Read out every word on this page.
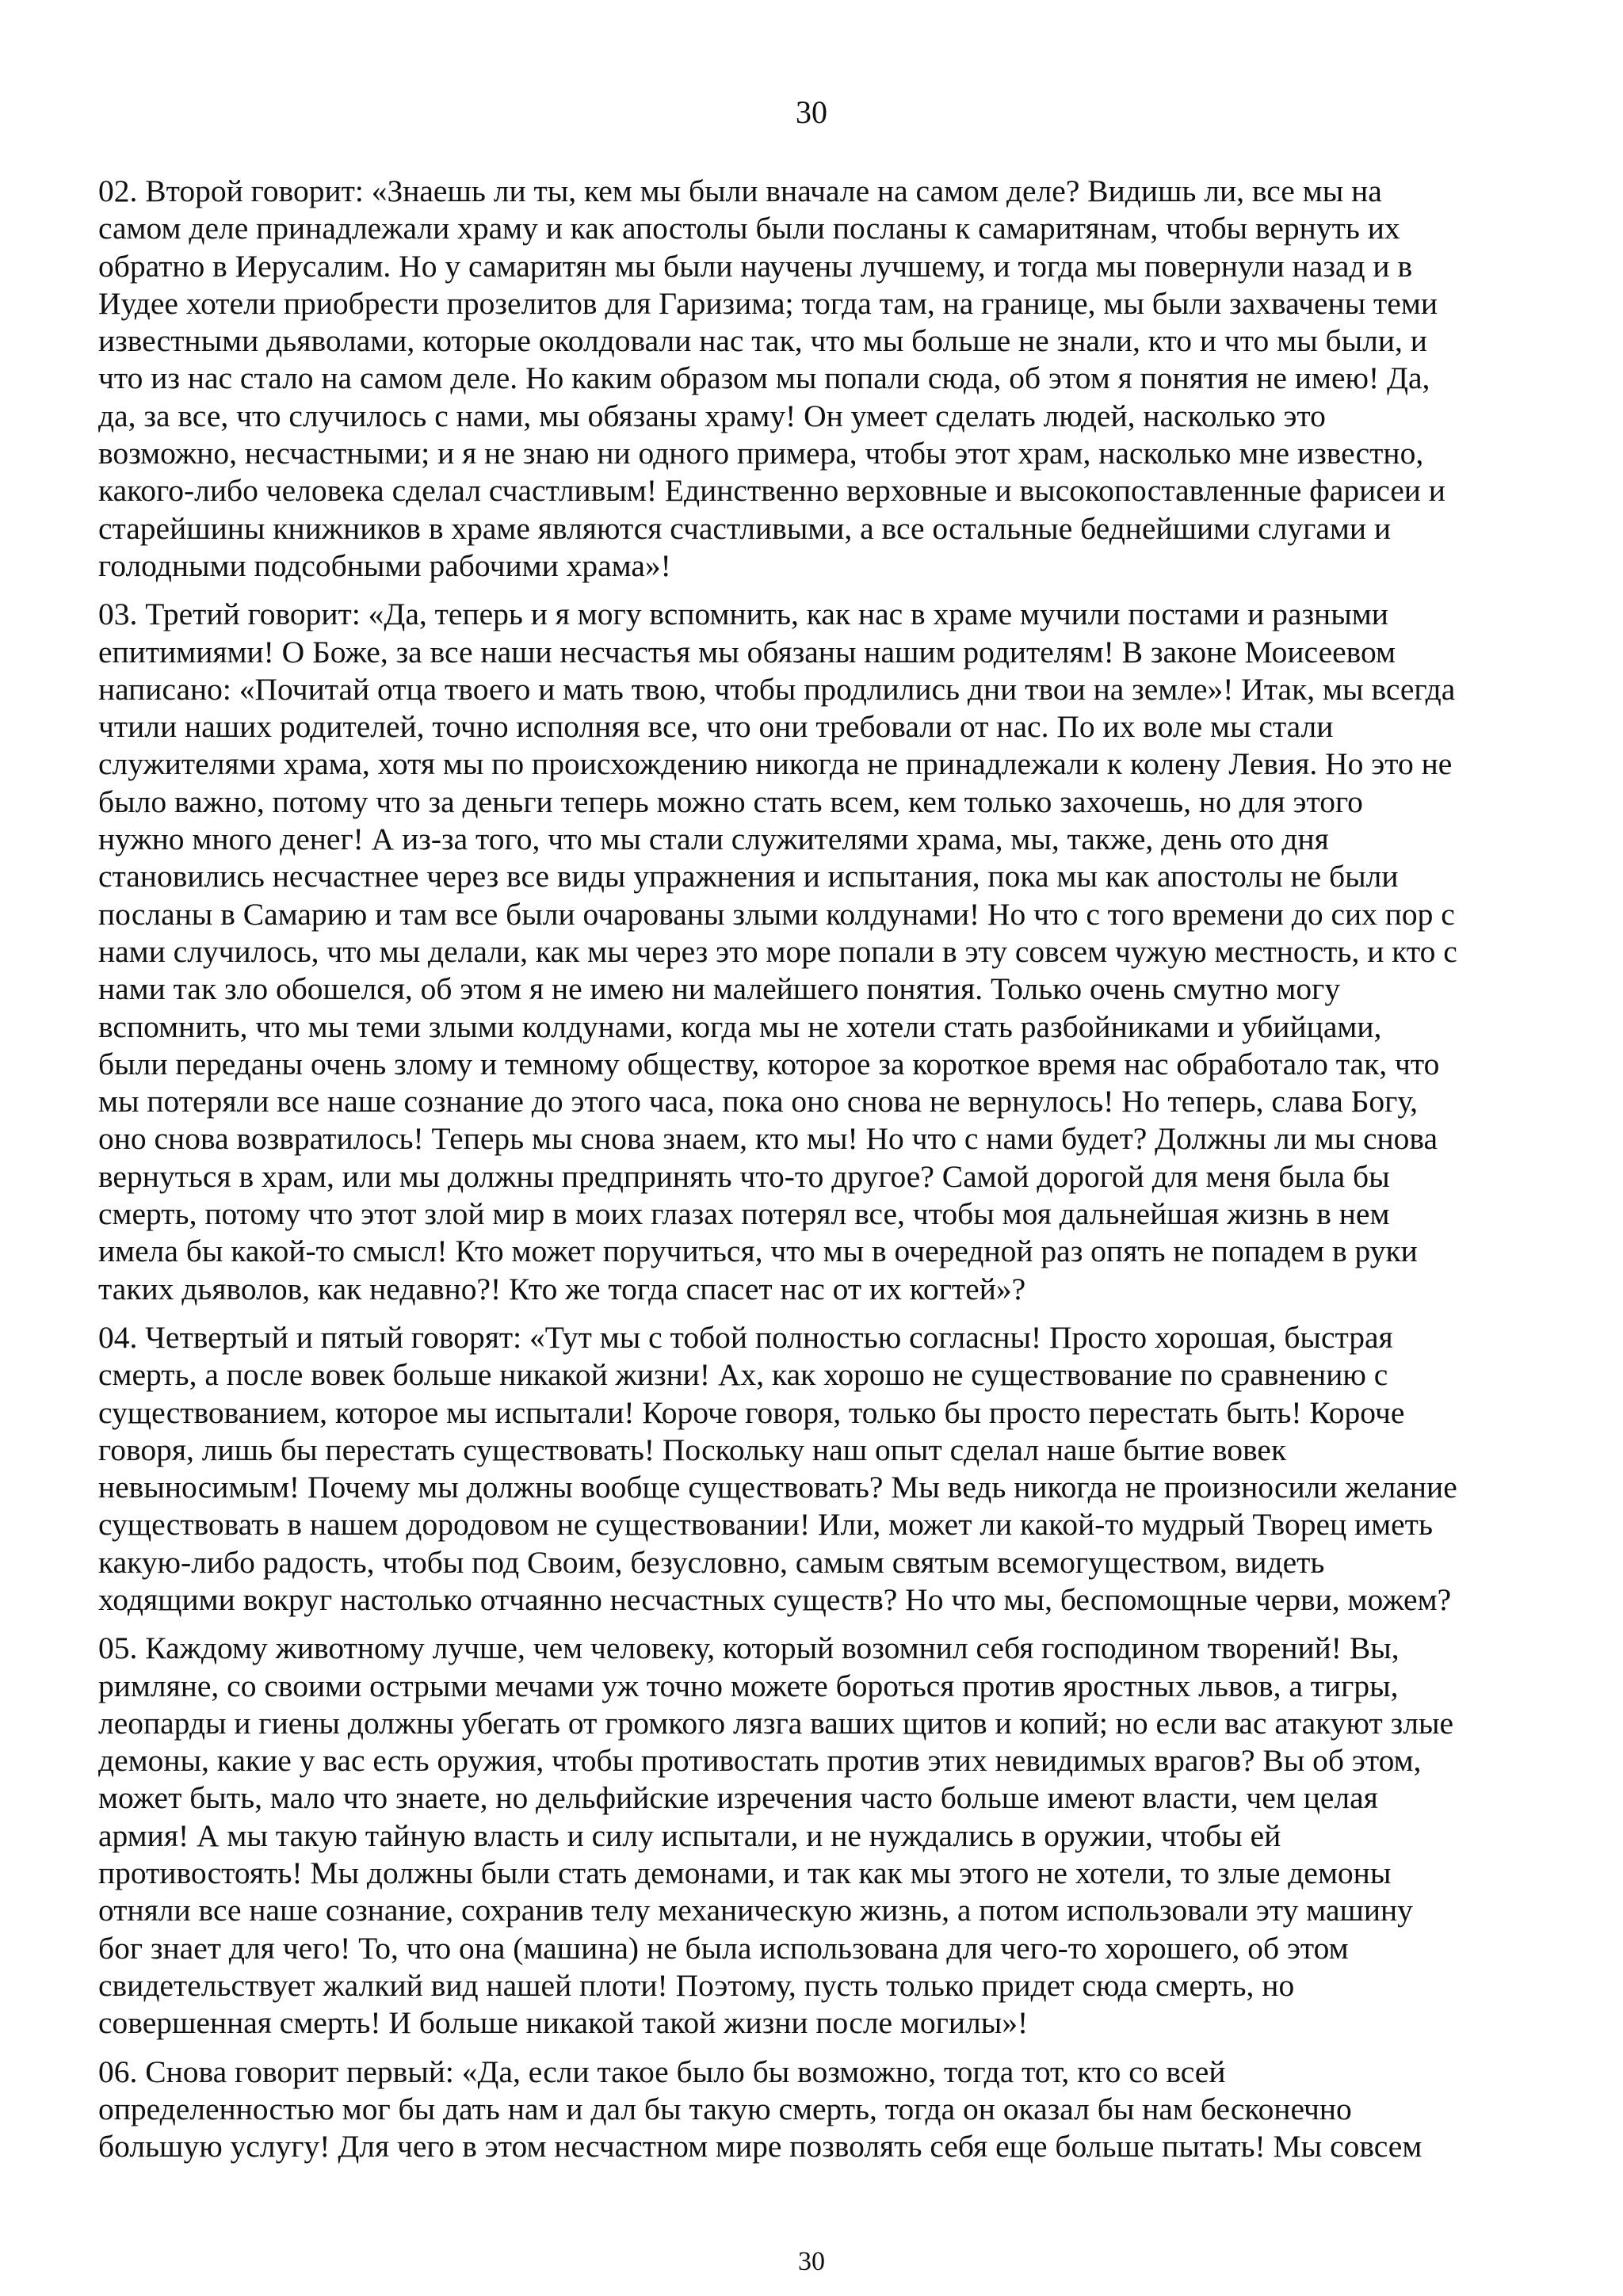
30

02. Второй говорит: «Знаешь ли ты, кем мы были вначале на самом деле? Видишь ли, все мы на
самом деле принадлежали храму и как апостолы были посланы к самаритянам, чтобы вернуть их
обратно в Иерусалим. Но у самаритян мы были научены лучшему, и тогда мы повернули назад и в
Иудее хотели приобрести прозелитов для Гаризима; тогда там, на границе, мы были захвачены теми
известными дьяволами, которые околдовали нас так, что мы больше не знали, кто и что мы были, и
что из нас стало на самом деле. Но каким образом мы попали сюда, об этом я понятия не имею! Да,
да, за все, что случилось с нами, мы обязаны храму! Он умеет сделать людей, насколько это
возможно, несчастными; и я не знаю ни одного примера, чтобы этот храм, насколько мне известно,
какого-либо человека сделал счастливым! Единственно верховные и высокопоставленные фарисеи и
старейшины книжников в храме являются счастливыми, а все остальные беднейшими слугами и
голодными подсобными рабочими храма»!

03. Третий говорит: «Да, теперь и я могу вспомнить, как нас в храме мучили постами и разными
епитимиями! О Боже, за все наши несчастья мы обязаны нашим родителям! В законе Моисеевом
написано: «Почитай отца твоего и мать твою, чтобы продлились дни твои на земле»! Итак, мы всегда
чтили наших родителей, точно исполняя все, что они требовали от нас. По их воле мы стали
служителями храма, хотя мы по происхождению никогда не принадлежали к колену Левия. Но это не
было важно, потому что за деньги теперь можно стать всем, кем только захочешь, но для этого
нужно много денег! А из-за того, что мы стали служителями храма, мы, также, день ото дня
становились несчастнее через все виды упражнения и испытания, пока мы как апостолы не были
посланы в Самарию и там все были очарованы злыми колдунами! Но что с того времени до сих пор с
нами случилось, что мы делали, как мы через это море попали в эту совсем чужую местность, и кто с
нами так зло обошелся, об этом я не имею ни малейшего понятия. Только очень смутно могу
вспомнить, что мы теми злыми колдунами, когда мы не хотели стать разбойниками и убийцами,
были переданы очень злому и темному обществу, которое за короткое время нас обработало так, что
мы потеряли все наше сознание до этого часа, пока оно снова не вернулось! Но теперь, слава Богу,
оно снова возвратилось! Теперь мы снова знаем, кто мы! Но что с нами будет? Должны ли мы снова
вернуться в храм, или мы должны предпринять что-то другое? Самой дорогой для меня была бы
смерть, потому что этот злой мир в моих глазах потерял все, чтобы моя дальнейшая жизнь в нем
имела бы какой-то смысл! Кто может поручиться, что мы в очередной раз опять не попадем в руки
таких дьяволов, как недавно?! Кто же тогда спасет нас от их когтей»?

04. Четвертый и пятый говорят: «Тут мы с тобой полностью согласны! Просто хорошая, быстрая
смерть, а после вовек больше никакой жизни! Ах, как хорошо не существование по сравнению с
существованием, которое мы испытали! Короче говоря, только бы просто перестать быть! Короче
говоря, лишь бы перестать существовать! Поскольку наш опыт сделал наше бытие вовек
невыносимым! Почему мы должны вообще существовать? Мы ведь никогда не произносили желание
существовать в нашем дородовом не существовании! Или, может ли какой-то мудрый Творец иметь
какую-либо радость, чтобы под Своим, безусловно, самым святым всемогуществом, видеть
ходящими вокруг настолько отчаянно несчастных существ? Но что мы, беспомощные черви, можем?

05. Каждому животному лучше, чем человеку, который возомнил себя господином творений! Вы,
римляне, со своими острыми мечами уж точно можете бороться против яростных львов, а тигры,
леопарды и гиены должны убегать от громкого лязга ваших щитов и копий; но если вас атакуют злые
демоны, какие у вас есть оружия, чтобы противостать против этих невидимых врагов? Вы об этом,
может быть, мало что знаете, но дельфийские изречения часто больше имеют власти, чем целая
армия! А мы такую тайную власть и силу испытали, и не нуждались в оружии, чтобы ей
противостоять! Мы должны были стать демонами, и так как мы этого не хотели, то злые демоны
отняли все наше сознание, сохранив телу механическую жизнь, а потом использовали эту машину
бог знает для чего! То, что она (машина) не была использована для чего-то хорошего, об этом
свидетельствует жалкий вид нашей плоти! Поэтому, пусть только придет сюда смерть, но
совершенная смерть! И больше никакой такой жизни после могилы»!

06. Снова говорит первый: «Да, если такое было бы возможно, тогда тот, кто со всей
определенностью мог бы дать нам и дал бы такую смерть, тогда он оказал бы нам бесконечно
большую услугу! Для чего в этом несчастном мире позволять себя еще больше пытать! Мы совсем

30
